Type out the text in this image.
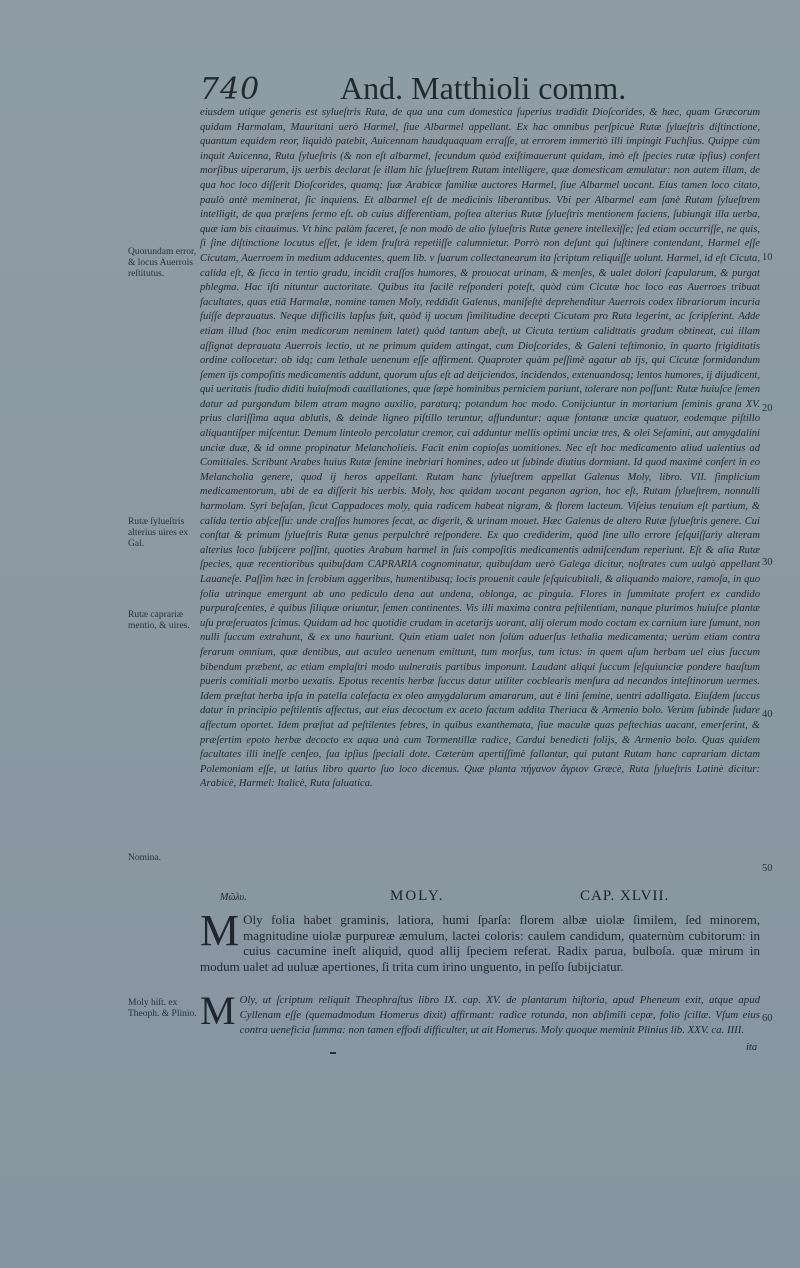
740 And. Matthioli comm.
eiusdem utique generis est sylueſtris Ruta, de qua una cum domestica ſuperius tradidit Dioſcorides, & hæc, quam Græcorum quidam Harmalam, Mauritani uerò Harmel, ſiue Albarmel appellant. Ex hac omnibus perſpicuè Rutæ ſylueſtris diſtinctione, quantum equidem reor, liquidò patebit, Auicennam haudquaquam erraſſe, ut errorem immeritò illi impingit Fuchſius. Quippe cùm inquit Auicenna, Ruta ſylueſtris (& non eſt albarmel, ſecundum quòd exiſtimauerunt quidam, imò eſt ſpecies rutæ ipſius) confert morſibus uiperarum, ijs uerbis declarat ſe illam hîc ſylueſtrem Rutam intelligere, quæ domesticam æmulatur: non autem illam, de qua hoc loco diſſerit Dioſcorides, quamq; ſuæ Arabicæ familiæ auctores Harmel, ſiue Albarmel uocant. Eius tamen loco citato, paulò antè meminerat, ſic inquiens. Et albarmel eſt de medicinis liberantibus. Vbi per Albarmel eam ſanè Rutam ſylueſtrem intelligit, de qua præſens ſermo eſt. ob cuius differentiam, poſtea alterius Rutæ ſylueſtris mentionem faciens, ſubiungit illa uerba, quæ iam bis citauimus. Vt hinc palàm faceret, ſe non modò de alio ſylueſtris Rutæ genere intellexiſſe; ſed etiam occurriſſe, ne quis, ſi ſine diſtinctione locutus eſſet, ſe idem fruſtrà repetiiſſe calumnietur. Porrò non deſunt qui ſuſtinere contendant, Harmel eſſe Cicutam, Auerroem in medium adducentes, quem lib. v ſuarum collectanearum ita ſcriptum reliquiſſe uolunt. Harmel, id eſt Cicuta, calida eſt, & ſicca in tertio gradu, incidit craſſos humores, & prouocat urinam, & menſes, & ualet dolori ſcapularum, & purgat phlegma. Hac iſti nituntur auctoritate. Quibus ita facilè reſponderi poteſt, quòd cùm Cicutæ hoc loco eas Auerroes tribuat facultates, quas etiā Harmalæ, nomine tamen Moly, reddidit Galenus, manifeſtè deprehenditur Auerrois codex librariorum incuria fuiſſe deprauatus. Neque difficilis lapſus fuit, quòd ij uocum ſimilitudine decepti Cicutam pro Ruta legerint, ac ſcripſerint. Adde etiam illud (hoc enim medicorum neminem latet) quòd tantum abeſt, ut Cicuta tertium calidttatis gradum obtineat, cui illam aſſignat deprauata Auerrois lectio, ut ne primum quidem attingat, cum Dioſcorides, & Galeni teſtimonio, in quarto frigiditatis ordine collocetur: ob idq; cam lethale uenenum eſſe affirment. Quaproter quàm peſſimè agatur ab ijs, qui Cicutæ formidandum ſemen ijs compoſitis medicamentis addunt, quorum uſus eſt ad deijciendos, incidendos, extenuandosq; lentos humores, ij dijudicent, qui ueritatis ſtudio diditi huiuſmodi cauillationes, quæ ſæpè hominibus perniciem pariunt, tolerare non poſſunt: Rutæ huiuſce ſemen datur ad purgandum bilem atram magno auxilio, paraturq; potandum hoc modo. Conijciuntur in mortarium ſeminis grana XV. prius clariſſima aqua ablutis, & deinde ligneo piſtillo teruntur, affunduntur; aquæ fontanæ unciæ quatuor, eodemque piſtillo aliquantiſper miſcentur. Demum linteolo percolatur cremor, cui adduntur mellis optimi unciæ tres, & olei Seſamini, aut amygdalini unciæ duæ, & id omne propinatur Melancholieis. Facit enim copioſas uomitiones. Nec eſt hoc medicamento aliud ualentius ad Comitiales. Scribunt Arabes huius Rutæ ſemine inebriari homines, adeo ut ſubinde diutius dormiant. Id quod maximè confert in eo Melancholia genere, quod ij heros appellant. Rutam hanc ſylueſtrem appellat Galenus Moly, libro. VII. ſimplicium medicamentorum, ubi de ea diſſerit his uerbis. Moly, hoc quidam uocant peganon agrion, hoc eſt, Rutam ſylueſtrem, nonnulli harmolam. Syri beſaſan, ſicut Cappadoces moly, quia radicem habeat nigram, & florem lacteum. Viſeius tenuium eſt partium, & calida tertio abſceſſu: unde craſſos humores ſecat, ac digerit, & urinam mouet. Hæc Galenus de altero Rutæ ſylueſtris genere. Cui conſtat & primum ſylueſtris Rutæ genus perpulchrè reſpondere. Ex quo crediderim, quòd ſine ullo errore ſeſquiſſariy alteram alterius loco ſubijcere poſſint, quoties Arabum harmel in ſuis compoſitis medicamentis admiſcendum reperiunt. Eſt & alia Rutæ ſpecies, quæ recentioribus quibuſdam CAPRARIA cognominatur, quibuſdam uerò Galega dicitur, noſtrates cum uulgò appellant Lauaneſe. Paſſim hæc in ſcrobium aggeribus, humentibusq; locis prouenit caule ſeſquicubitali, & aliquando maiore, ramoſa, in quo folia utrinque emergunt ab uno pediculo dena aut undena, oblonga, ac pinguia. Flores in ſummitate profert ex candido purpuraſcentes, è quibus ſiliquæ oriuntur, ſemen continentes. Vis illi maxima contra peſtilentiam, nanque plurimos huiuſce plantæ uſu præſeruatos ſcimus. Quidam ad hoc quotidie crudam in acetarijs uorant, alij olerum modo coctam ex carnium iure ſumunt, non nulli ſuccum extrahunt, & ex uno hauriunt. Quin etiam ualet non ſolùm aduerſus lethalia medicamenta; uerùm etiam contra ferarum omnium, quæ dentibus, aut aculeo uenenum emittunt, tum morſus, tum ictus: in quem uſum herbam uel eius ſuccum bibendum præbent, ac etiam emplaſtri modo uulneratis partibus imponunt. Laudant aliqui ſuccum ſeſquiunciæ pondere hauſtum pueris comitiali morbo uexatis. Epotus recentis herbæ ſuccus datur utiliter cocblearis menſura ad necandos inteſtinorum uermes. Idem præſtat herba ipſa in patella calefacta ex oleo amygdalarum amararum, aut è lini ſemine, uentri adalligata. Eiuſdem ſuccus datur in principio peſtilentis affectus, aut eius decoctum ex aceto factum addita Theriaca & Armenio bolo. Verùm ſubinde ſudare affectum oportet. Idem præſtat ad peſtilentes febres, in quibus exanthemata, ſiue maculæ quas peſtechias uacant, emerſerint, & præſertim epoto herbæ decocto ex aqua unà cum Tormentillæ radice, Cardui benedicti folijs, & Armenio bolo. Quas quidem facultates illi ineſſe cenſeo, ſua ipſius ſpeciali dote. Cæterùm apertiſſimè fallantur, qui putant Rutam hanc caprariam dictam Polemoniam eſſe, ut latius libro quarto ſuo loco dicemus. Quæ planta πήγανον ἄγριον Græcè, Ruta ſylueſtris Latinè dicitur: Arabicè, Harmel: Italicè, Ruta ſaluatica.
Quorundam error, & locus Auerrois reſtitutus.
Rutæ ſylueſtris alterius uires ex Gal.
Rutæ caprariæ mentio, & uires.
Nomina.
Moly hiſt. ex Theoph. & Plinio.
10
20
30
40
50
60
Μῶλυ.	MOLY.	CAP. XLVII.
M Oly folia habet graminis, latiora, humi ſparſa: florem albæ uiolæ ſimilem, ſed minorem, magnitudine uiolæ purpureæ æmulum, lactei coloris: caulem candidum, quaternùm cubitorum: in cuius cacumine ineſt aliquid, quod allij ſpeciem referat. Radix parua, bulboſa. quæ mirum in modum ualet ad uuluæ apertiones, ſi trita cum irino unguento, in peſſo ſubijciatur.
M Oly, ut ſcriptum reliquit Theophraſtus libro IX. cap. XV. de plantarum hiſtoria, apud Pheneum exit, atque apud Cyllenam eſſe (quemadmodum Homerus dixit) affirmant: radice rotunda, non abſimili cepæ, folio ſcillæ. Vſum eius contra ueneficia ſumma: non tamen effodi difficulter, ut ait Homerus. Moly quoque meminit Plinius lib. XXV. ca. IIII.
ita
